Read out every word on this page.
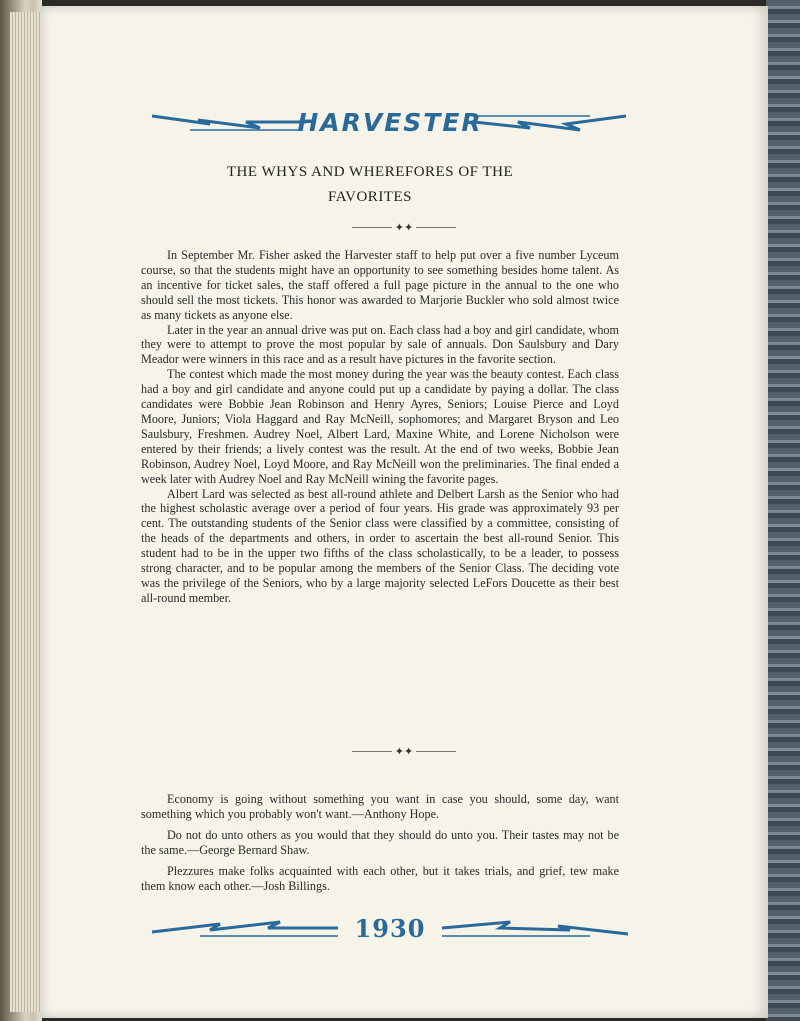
HARVESTER
THE WHYS AND WHEREFORES OF THE
FAVORITES
✦✦

In September Mr. Fisher asked the Harvester staff to help put over a five number Lyceum course, so that the students might have an opportunity to see something besides home talent. As an incentive for ticket sales, the staff offered a full page picture in the annual to the one who should sell the most tickets. This honor was awarded to Marjorie Buckler who sold almost twice as many tickets as anyone else.

Later in the year an annual drive was put on. Each class had a boy and girl candidate, whom they were to attempt to prove the most popular by sale of annuals. Don Saulsbury and Dary Meador were winners in this race and as a result have pictures in the favorite section.

The contest which made the most money during the year was the beauty contest. Each class had a boy and girl candidate and anyone could put up a candidate by paying a dollar. The class candidates were Bobbie Jean Robinson and Henry Ayres, Seniors; Louise Pierce and Loyd Moore, Juniors; Viola Haggard and Ray McNeill, sophomores; and Margaret Bryson and Leo Saulsbury, Freshmen. Audrey Noel, Albert Lard, Maxine White, and Lorene Nicholson were entered by their friends; a lively contest was the result. At the end of two weeks, Bobbie Jean Robinson, Audrey Noel, Loyd Moore, and Ray McNeill won the preliminaries. The final ended a week later with Audrey Noel and Ray McNeill wining the favorite pages.

Albert Lard was selected as best all-round athlete and Delbert Larsh as the Senior who had the highest scholastic average over a period of four years. His grade was approximately 93 per cent. The outstanding students of the Senior class were classified by a committee, consisting of the heads of the departments and others, in order to ascertain the best all-round Senior. This student had to be in the upper two fifths of the class scholastically, to be a leader, to possess strong character, and to be popular among the members of the Senior Class. The deciding vote was the privilege of the Seniors, who by a large majority selected LeFors Doucette as their best all-round member.

✦✦

Economy is going without something you want in case you should, some day, want something which you probably won't want.—Anthony Hope.

Do not do unto others as you would that they should do unto you. Their tastes may not be the same.—George Bernard Shaw.

Plezzures make folks acquainted with each other, but it takes trials, and grief, tew make them know each other.—Josh Billings.

1930
